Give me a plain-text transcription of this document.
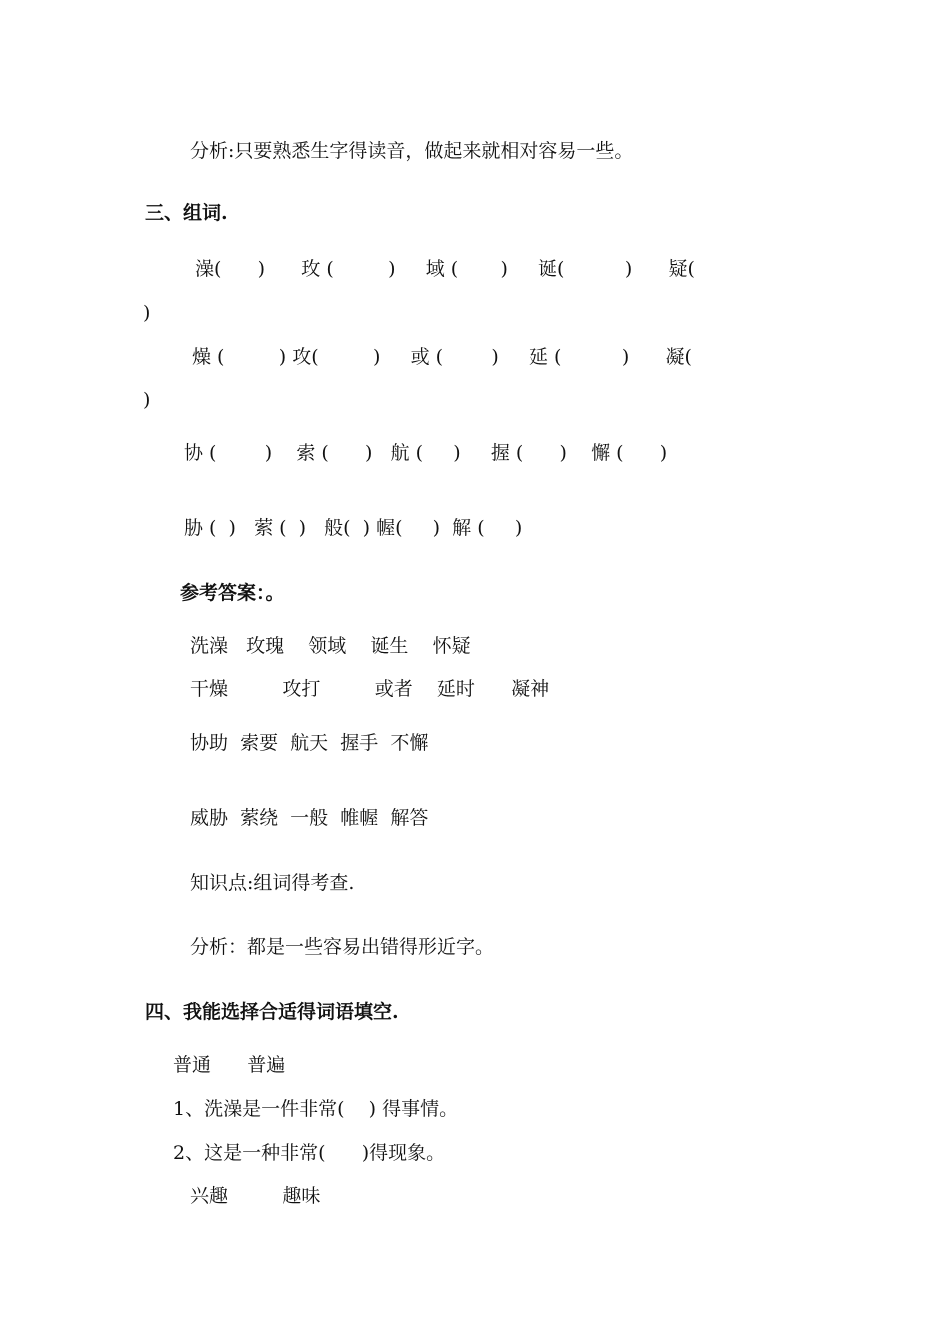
分析:只要熟悉生字得读音，做起来就相对容易一些。
三、组词.
澡(      )      玫 (         )     域 (       )     诞(          )      疑(
)
燥 (         ) 攻(         )     或 (        )     延 (          )      凝(
)
协 (        )    索 (      )   航 (     )     握 (      )    懈 (      )
胁 (  )   萦 (  )   般(  ) 幄(     )  解 (     )
参考答案：。
洗澡   玫瑰    领域    诞生    怀疑
干燥         攻打         或者    延时      凝神
协助  索要  航天  握手  不懈
威胁  萦绕  一般  帷幄  解答
知识点:组词得考查.
分析：都是一些容易出错得形近字。
四、我能选择合适得词语填空.
普通      普遍
1、洗澡是一件非常(    ) 得事情。
2、这是一种非常(      )得现象。
兴趣         趣味
